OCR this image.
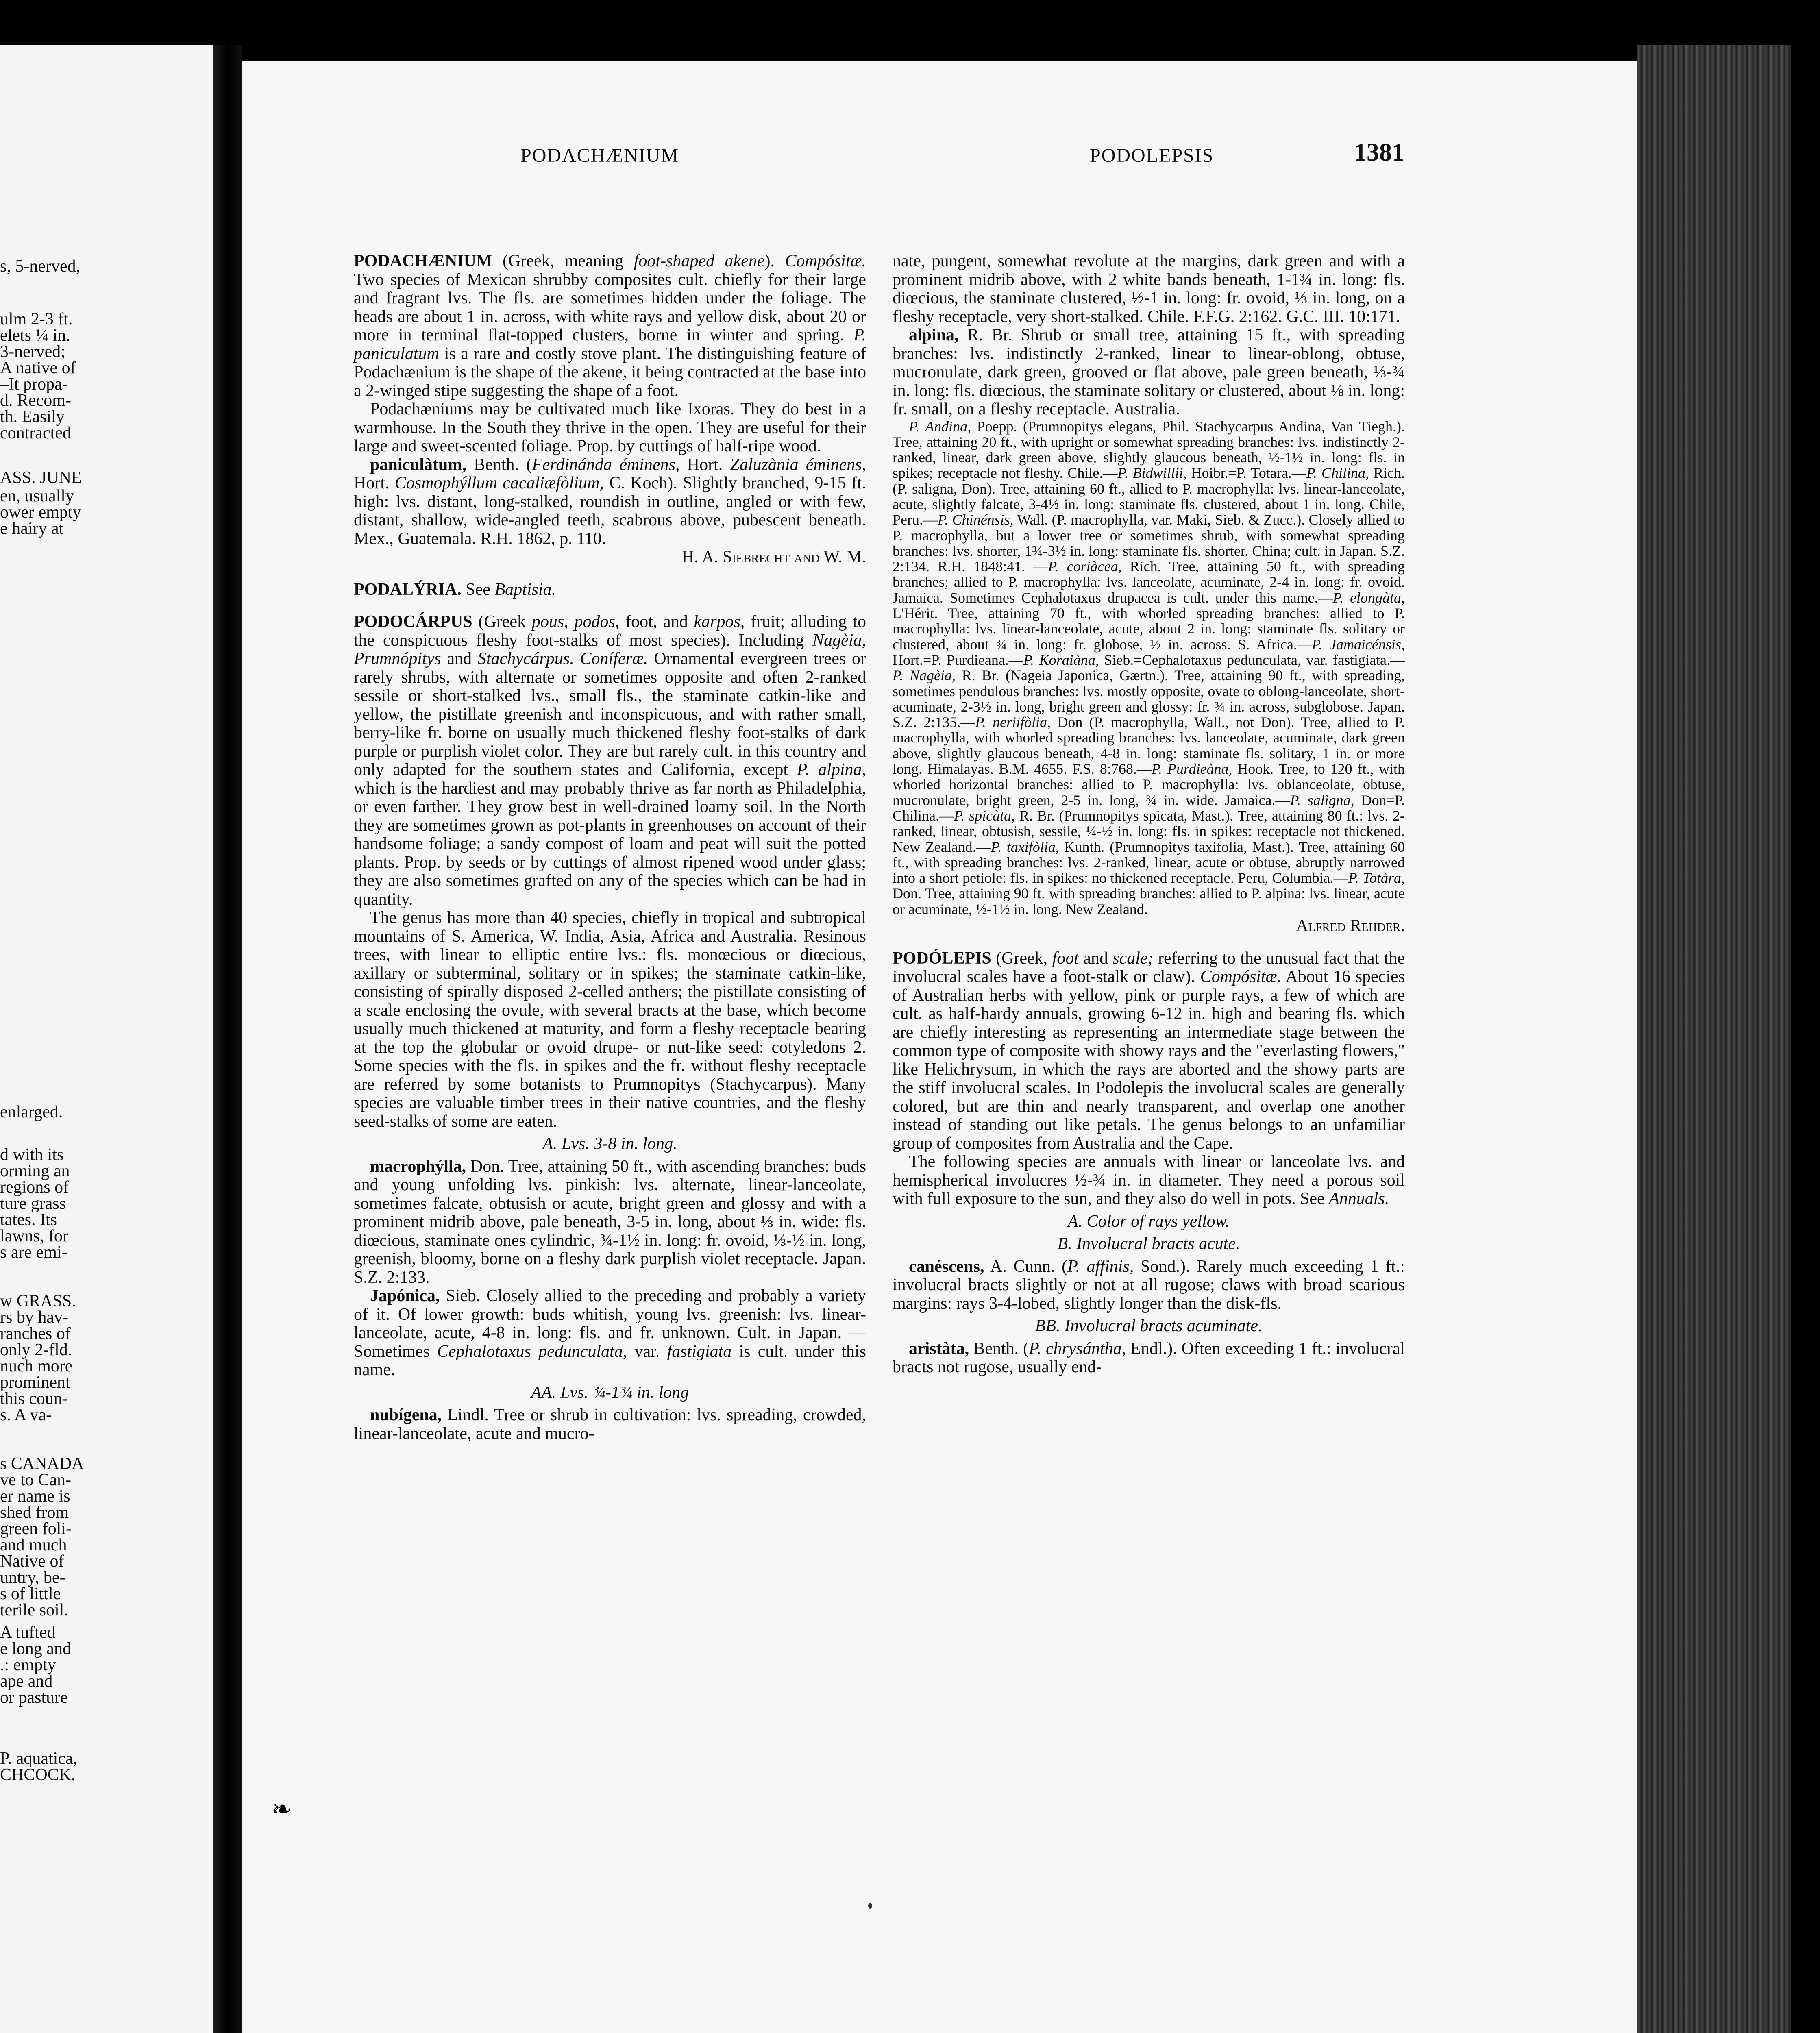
s, 5-nerved,
ulm 2-3 ft.
elets ¼ in.
3-nerved;
A native of
–It propa-
d. Recom-
th. Easily
contracted
ASS. JUNE
en, usually
ower empty
e hairy at
enlarged.
d with its
orming an
regions of
ture grass
tates. Its
lawns, for
s are emi-
w GRASS.
rs by hav-
ranches of
only 2-fld.
nuch more
prominent
this coun-
s. A va-
s CANADA
ve to Can-
er name is
shed from
green foli-
and much
Native of
untry, be-
s of little
terile soil.
A tufted
e long and
.: empty
ape and
or pasture
P. aquatica,
CHCOCK.
PODACHÆNIUM	PODOLEPSIS	1381

PODACHÆNIUM (Greek, meaning foot-shaped akene). Compósitæ. Two species of Mexican shrubby composites cult. chiefly for their large and fragrant lvs. The fls. are sometimes hidden under the foliage. The heads are about 1 in. across, with white rays and yellow disk, about 20 or more in terminal flat-topped clusters, borne in winter and spring. P. paniculatum is a rare and costly stove plant. The distinguishing feature of Podachænium is the shape of the akene, it being contracted at the base into a 2-winged stipe suggesting the shape of a foot.

Podachæniums may be cultivated much like Ixoras. They do best in a warmhouse. In the South they thrive in the open. They are useful for their large and sweet-scented foliage. Prop. by cuttings of half-ripe wood.

paniculàtum, Benth. (Ferdinánda éminens, Hort. Zaluzània éminens, Hort. Cosmophýllum cacaliæfòlium, C. Koch). Slightly branched, 9-15 ft. high: lvs. distant, long-stalked, roundish in outline, angled or with few, distant, shallow, wide-angled teeth, scabrous above, pubescent beneath. Mex., Guatemala. R.H. 1862, p. 110.

H. A. Siebrecht and W. M.

PODALÝRIA. See Baptisia.

PODOCÁRPUS (Greek pous, podos, foot, and karpos, fruit; alluding to the conspicuous fleshy foot-stalks of most species). Including Nagèia, Prumnópitys and Stachycárpus. Coníferæ. Ornamental evergreen trees or rarely shrubs, with alternate or sometimes opposite and often 2-ranked sessile or short-stalked lvs., small fls., the staminate catkin-like and yellow, the pistillate greenish and inconspicuous, and with rather small, berry-like fr. borne on usually much thickened fleshy foot-stalks of dark purple or purplish violet color. They are but rarely cult. in this country and only adapted for the southern states and California, except P. alpina, which is the hardiest and may probably thrive as far north as Philadelphia, or even farther. They grow best in well-drained loamy soil. In the North they are sometimes grown as pot-plants in greenhouses on account of their handsome foliage; a sandy compost of loam and peat will suit the potted plants. Prop. by seeds or by cuttings of almost ripened wood under glass; they are also sometimes grafted on any of the species which can be had in quantity.

The genus has more than 40 species, chiefly in tropical and subtropical mountains of S. America, W. India, Asia, Africa and Australia. Resinous trees, with linear to elliptic entire lvs.: fls. monœcious or diœcious, axillary or subterminal, solitary or in spikes; the staminate catkin-like, consisting of spirally disposed 2-celled anthers; the pistillate consisting of a scale enclosing the ovule, with several bracts at the base, which become usually much thickened at maturity, and form a fleshy receptacle bearing at the top the globular or ovoid drupe- or nut-like seed: cotyledons 2. Some species with the fls. in spikes and the fr. without fleshy receptacle are referred by some botanists to Prumnopitys (Stachycarpus). Many species are valuable timber trees in their native countries, and the fleshy seed-stalks of some are eaten.

A. Lvs. 3-8 in. long.

macrophýlla, Don. Tree, attaining 50 ft., with ascending branches: buds and young unfolding lvs. pinkish: lvs. alternate, linear-lanceolate, sometimes falcate, obtusish or acute, bright green and glossy and with a prominent midrib above, pale beneath, 3-5 in. long, about ⅓ in. wide: fls. diœcious, staminate ones cylindric, ¾-1½ in. long: fr. ovoid, ⅓-½ in. long, greenish, bloomy, borne on a fleshy dark purplish violet receptacle. Japan. S.Z. 2:133.

Japónica, Sieb. Closely allied to the preceding and probably a variety of it. Of lower growth: buds whitish, young lvs. greenish: lvs. linear-lanceolate, acute, 4-8 in. long: fls. and fr. unknown. Cult. in Japan. —Sometimes Cephalotaxus pedunculata, var. fastigiata is cult. under this name.

AA. Lvs. ¾-1¾ in. long

nubígena, Lindl. Tree or shrub in cultivation: lvs. spreading, crowded, linear-lanceolate, acute and mucro-

nate, pungent, somewhat revolute at the margins, dark green and with a prominent midrib above, with 2 white bands beneath, 1-1¾ in. long: fls. diœcious, the staminate clustered, ½-1 in. long: fr. ovoid, ⅓ in. long, on a fleshy receptacle, very short-stalked. Chile. F.F.G. 2:162. G.C. III. 10:171.

alpina, R. Br. Shrub or small tree, attaining 15 ft., with spreading branches: lvs. indistinctly 2-ranked, linear to linear-oblong, obtuse, mucronulate, dark green, grooved or flat above, pale green beneath, ⅓-¾ in. long: fls. diœcious, the staminate solitary or clustered, about ⅛ in. long: fr. small, on a fleshy receptacle. Australia.

P. Andina, Poepp. (Prumnopitys elegans, Phil. Stachycarpus Andina, Van Tiegh.). Tree, attaining 20 ft., with upright or somewhat spreading branches: lvs. indistinctly 2-ranked, linear, dark green above, slightly glaucous beneath, ½-1½ in. long: fls. in spikes; receptacle not fleshy. Chile.—P. Bidwillii, Hoibr.=P. Totara.—P. Chilina, Rich. (P. saligna, Don). Tree, attaining 60 ft., allied to P. macrophylla: lvs. linear-lanceolate, acute, slightly falcate, 3-4½ in. long: staminate fls. clustered, about 1 in. long. Chile, Peru.—P. Chinénsis, Wall. (P. macrophylla, var. Maki, Sieb. & Zucc.). Closely allied to P. macrophylla, but a lower tree or sometimes shrub, with somewhat spreading branches: lvs. shorter, 1¾-3½ in. long: staminate fls. shorter. China; cult. in Japan. S.Z. 2:134. R.H. 1848:41. —P. coriàcea, Rich. Tree, attaining 50 ft., with spreading branches; allied to P. macrophylla: lvs. lanceolate, acuminate, 2-4 in. long: fr. ovoid. Jamaica. Sometimes Cephalotaxus drupacea is cult. under this name.—P. elongàta, L'Hérit. Tree, attaining 70 ft., with whorled spreading branches: allied to P. macrophylla: lvs. linear-lanceolate, acute, about 2 in. long: staminate fls. solitary or clustered, about ¾ in. long: fr. globose, ½ in. across. S. Africa.—P. Jamaicénsis, Hort.=P. Purdieana.—P. Koraiàna, Sieb.=Cephalotaxus pedunculata, var. fastigiata.—P. Nagèia, R. Br. (Nageia Japonica, Gærtn.). Tree, attaining 90 ft., with spreading, sometimes pendulous branches: lvs. mostly opposite, ovate to oblong-lanceolate, short-acuminate, 2-3½ in. long, bright green and glossy: fr. ¾ in. across, subglobose. Japan. S.Z. 2:135.—P. neriifòlia, Don (P. macrophylla, Wall., not Don). Tree, allied to P. macrophylla, with whorled spreading branches: lvs. lanceolate, acuminate, dark green above, slightly glaucous beneath, 4-8 in. long: staminate fls. solitary, 1 in. or more long. Himalayas. B.M. 4655. F.S. 8:768.—P. Purdieàna, Hook. Tree, to 120 ft., with whorled horizontal branches: allied to P. macrophylla: lvs. oblanceolate, obtuse, mucronulate, bright green, 2-5 in. long, ¾ in. wide. Jamaica.—P. salìgna, Don=P. Chilina.—P. spicàta, R. Br. (Prumnopitys spicata, Mast.). Tree, attaining 80 ft.: lvs. 2-ranked, linear, obtusish, sessile, ¼-½ in. long: fls. in spikes: receptacle not thickened. New Zealand.—P. taxifòlia, Kunth. (Prumnopitys taxifolia, Mast.). Tree, attaining 60 ft., with spreading branches: lvs. 2-ranked, linear, acute or obtuse, abruptly narrowed into a short petiole: fls. in spikes: no thickened receptacle. Peru, Columbia.—P. Totàra, Don. Tree, attaining 90 ft. with spreading branches: allied to P. alpina: lvs. linear, acute or acuminate, ½-1½ in. long. New Zealand.

Alfred Rehder.

PODÓLEPIS (Greek, foot and scale; referring to the unusual fact that the involucral scales have a foot-stalk or claw). Compósitæ. About 16 species of Australian herbs with yellow, pink or purple rays, a few of which are cult. as half-hardy annuals, growing 6-12 in. high and bearing fls. which are chiefly interesting as representing an intermediate stage between the common type of composite with showy rays and the "everlasting flowers," like Helichrysum, in which the rays are aborted and the showy parts are the stiff involucral scales. In Podolepis the involucral scales are generally colored, but are thin and nearly transparent, and overlap one another instead of standing out like petals. The genus belongs to an unfamiliar group of composites from Australia and the Cape.

The following species are annuals with linear or lanceolate lvs. and hemispherical involucres ½-¾ in. in diameter. They need a porous soil with full exposure to the sun, and they also do well in pots. See Annuals.

A. Color of rays yellow.

B. Involucral bracts acute.

canéscens, A. Cunn. (P. affinis, Sond.). Rarely much exceeding 1 ft.: involucral bracts slightly or not at all rugose; claws with broad scarious margins: rays 3-4-lobed, slightly longer than the disk-fls.

BB. Involucral bracts acuminate.

aristàta, Benth. (P. chrysántha, Endl.). Often exceeding 1 ft.: involucral bracts not rugose, usually end-

❧
